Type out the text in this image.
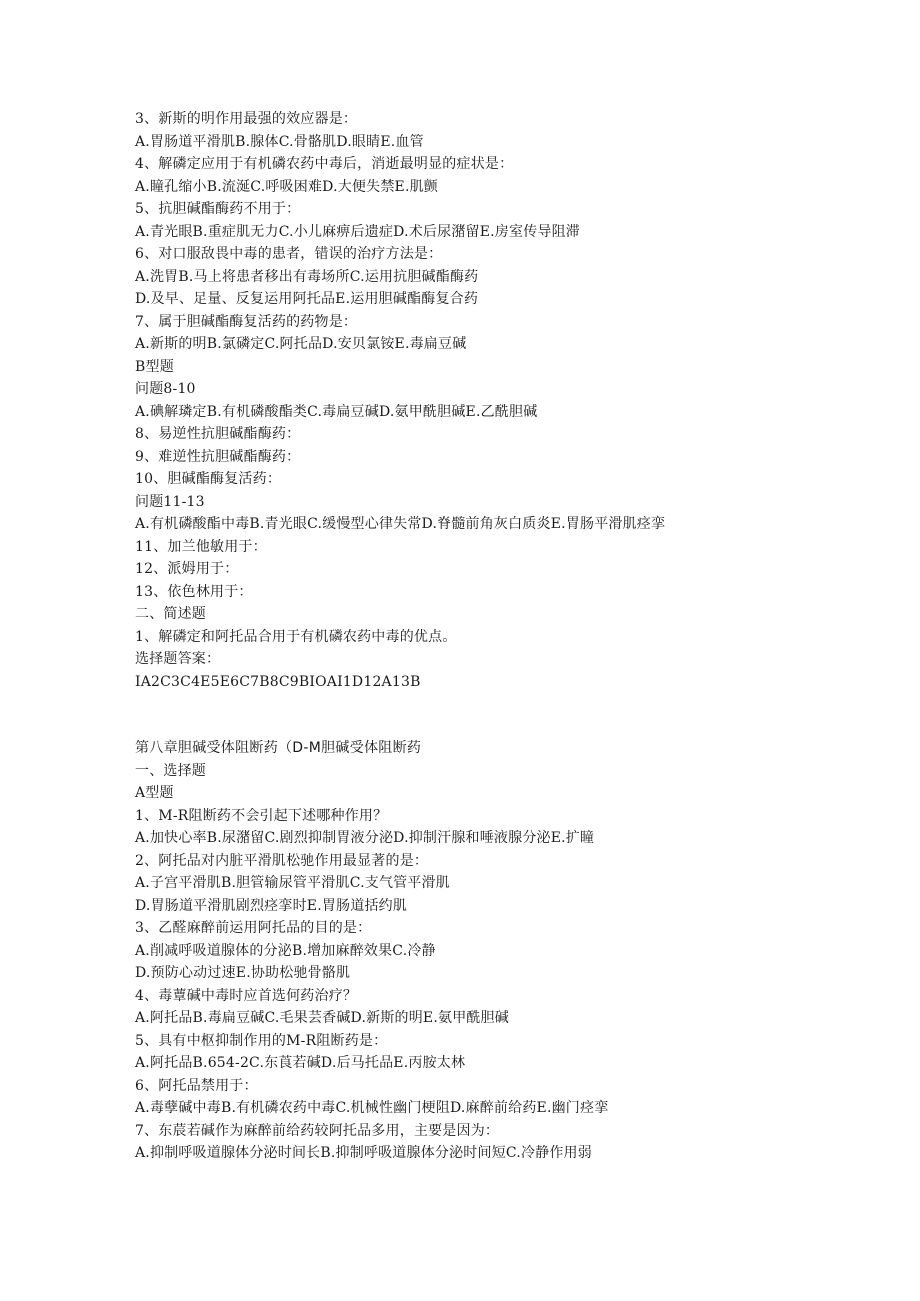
3、新斯的明作用最强的效应器是：
A.胃肠道平滑肌B.腺体C.骨骼肌D.眼睛E.血管
4、解磷定应用于有机磷农药中毒后，消逝最明显的症状是：
A.瞳孔缩小B.流涎C.呼吸困难D.大便失禁E.肌颤
5、抗胆碱酯酶药不用于：
A.青光眼B.重症肌无力C.小儿麻痹后遗症D.术后尿潴留E.房室传导阻滞
6、对口服敌畏中毒的患者，错误的治疗方法是：
A.洗胃B.马上将患者移出有毒场所C.运用抗胆碱酯酶药
D.及早、足量、反复运用阿托品E.运用胆碱酯酶复合药
7、属于胆碱酯酶复活药的药物是：
A.新斯的明B.氯磷定C.阿托品D.安贝氯铵E.毒扁豆碱
B型题
问题8-10
A.碘解璘定B.有机磷酸酯类C.毒扁豆碱D.氨甲酰胆碱E.乙酰胆碱
8、易逆性抗胆碱酯酶药：
9、难逆性抗胆碱酯酶药：
10、胆碱酯酶复活药：
问题11-13
A.有机磷酸酯中毒B.青光眼C.缓慢型心律失常D.脊髓前角灰白质炎E.胃肠平滑肌痉挛
11、加兰他敏用于：
12、派姆用于：
13、依色林用于：
二、简述题
1、解磷定和阿托品合用于有机磷农药中毒的优点。
选择题答案：
IA2C3C4E5E6C7B8C9BIOAI1D12A13B
第八章胆碱受体阻断药（D-M胆碱受体阻断药
一、选择题
A型题
1、M-R阻断药不会引起下述哪种作用？
A.加快心率B.尿潴留C.剧烈抑制胃液分泌D.抑制汗腺和唾液腺分泌E.扩瞳
2、阿托品对内脏平滑肌松驰作用最显著的是：
A.子宫平滑肌B.胆管输尿管平滑肌C.支气管平滑肌
D.胃肠道平滑肌剧烈痉挛时E.胃肠道括约肌
3、乙醛麻醉前运用阿托品的目的是：
A.削减呼吸道腺体的分泌B.增加麻醉效果C.冷静
D.预防心动过速E.协助松驰骨骼肌
4、毒蕈碱中毒时应首选何药治疗？
A.阿托品B.毒扁豆碱C.毛果芸香碱D.新斯的明E.氨甲酰胆碱
5、具有中枢抑制作用的M-R阻断药是：
A.阿托品B.654-2C.东莨若碱D.后马托品E.丙胺太林
6、阿托品禁用于：
A.毒孽碱中毒B.有机磷农药中毒C.机械性幽门梗阻D.麻醉前给药E.幽门痉挛
7、东莀若碱作为麻醉前给药较阿托品多用，主要是因为：
A.抑制呼吸道腺体分泌时间长B.抑制呼吸道腺体分泌时间短C.冷静作用弱
